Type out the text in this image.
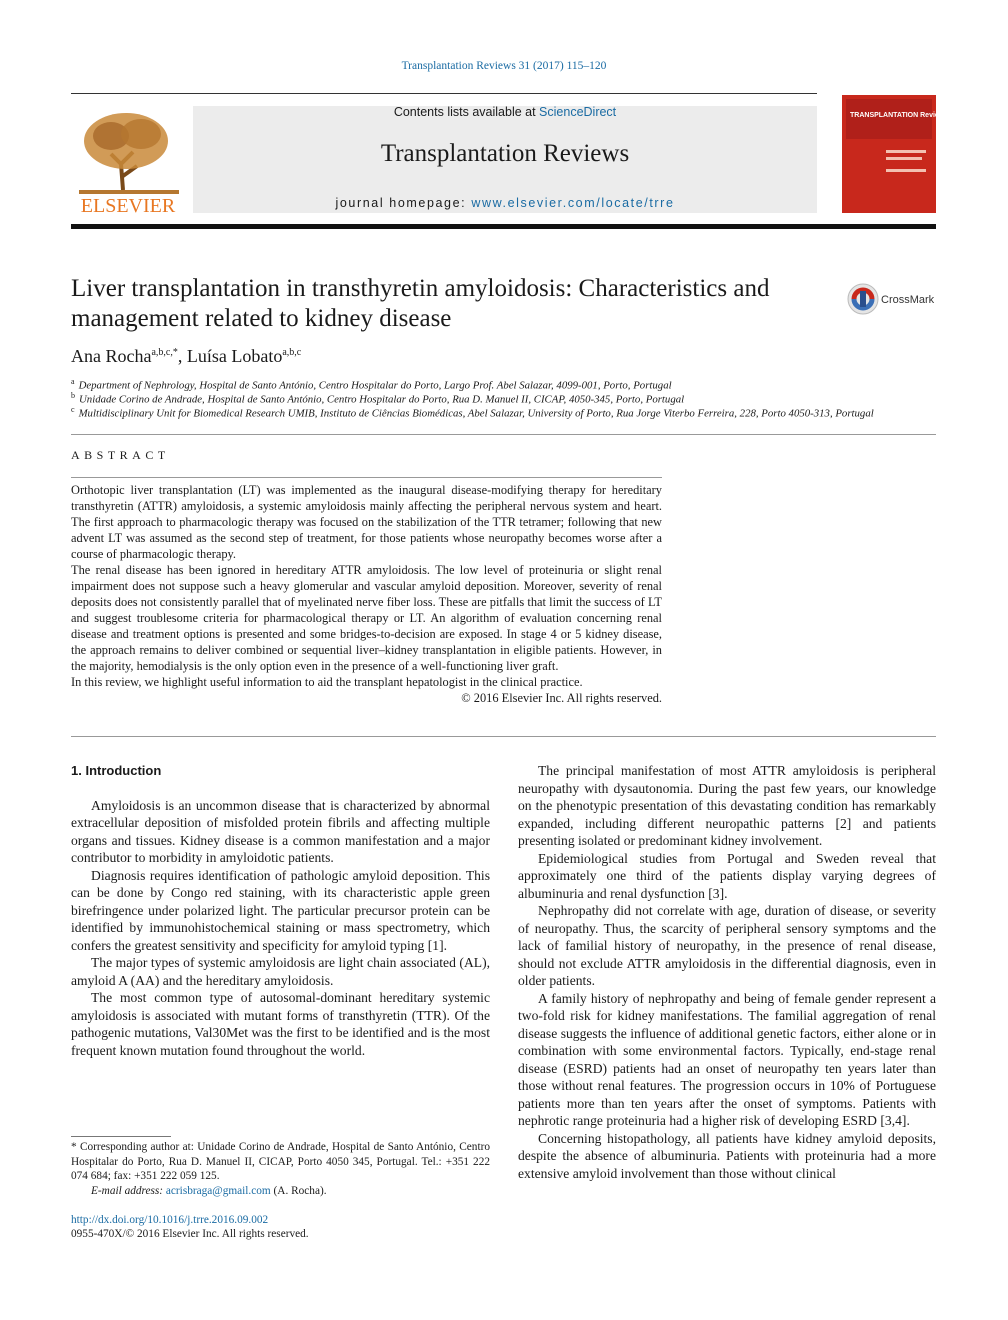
Transplantation Reviews 31 (2017) 115–120
ELSEVIER
Contents lists available at ScienceDirect
Transplantation Reviews
journal homepage: www.elsevier.com/locate/trre
TRANSPLANTATION Reviews
Liver transplantation in transthyretin amyloidosis: Characteristics and management related to kidney disease
CrossMark
Ana Rocha$^{a,b,c,*}$, Luísa Lobato$^{a,b,c}$
$^a$ Department of Nephrology, Hospital de Santo António, Centro Hospitalar do Porto, Largo Prof. Abel Salazar, 4099-001, Porto, Portugal
$^b$ Unidade Corino de Andrade, Hospital de Santo António, Centro Hospitalar do Porto, Rua D. Manuel II, CICAP, 4050-345, Porto, Portugal
$^c$ Multidisciplinary Unit for Biomedical Research UMIB, Instituto de Ciências Biomédicas, Abel Salazar, University of Porto, Rua Jorge Viterbo Ferreira, 228, Porto 4050-313, Portugal
ABSTRACT

Orthotopic liver transplantation (LT) was implemented as the inaugural disease-modifying therapy for hereditary transthyretin (ATTR) amyloidosis, a systemic amyloidosis mainly affecting the peripheral nervous system and heart. The first approach to pharmacologic therapy was focused on the stabilization of the TTR tetramer; following that new advent LT was assumed as the second step of treatment, for those patients whose neuropathy becomes worse after a course of pharmacologic therapy.

The renal disease has been ignored in hereditary ATTR amyloidosis. The low level of proteinuria or slight renal impairment does not suppose such a heavy glomerular and vascular amyloid deposition. Moreover, severity of renal deposits does not consistently parallel that of myelinated nerve fiber loss. These are pitfalls that limit the success of LT and suggest troublesome criteria for pharmacological therapy or LT. An algorithm of evaluation concerning renal disease and treatment options is presented and some bridges-to-decision are exposed. In stage 4 or 5 kidney disease, the approach remains to deliver combined or sequential liver–kidney transplantation in eligible patients. However, in the majority, hemodialysis is the only option even in the presence of a well-functioning liver graft.

In this review, we highlight useful information to aid the transplant hepatologist in the clinical practice.

© 2016 Elsevier Inc. All rights reserved.

1. Introduction

Amyloidosis is an uncommon disease that is characterized by abnormal extracellular deposition of misfolded protein fibrils and affecting multiple organs and tissues. Kidney disease is a common manifestation and a major contributor to morbidity in amyloidotic patients.

Diagnosis requires identification of pathologic amyloid deposition. This can be done by Congo red staining, with its characteristic apple green birefringence under polarized light. The particular precursor protein can be identified by immunohistochemical staining or mass spectrometry, which confers the greatest sensitivity and specificity for amyloid typing [1].

The major types of systemic amyloidosis are light chain associated (AL), amyloid A (AA) and the hereditary amyloidosis.

The most common type of autosomal-dominant hereditary systemic amyloidosis is associated with mutant forms of transthyretin (TTR). Of the pathogenic mutations, Val30Met was the first to be identified and is the most frequent known mutation found throughout the world.

The principal manifestation of most ATTR amyloidosis is peripheral neuropathy with dysautonomia. During the past few years, our knowledge on the phenotypic presentation of this devastating condition has remarkably expanded, including different neuropathic patterns [2] and patients presenting isolated or predominant kidney involvement.

Epidemiological studies from Portugal and Sweden reveal that approximately one third of the patients display varying degrees of albuminuria and renal dysfunction [3].

Nephropathy did not correlate with age, duration of disease, or severity of neuropathy. Thus, the scarcity of peripheral sensory symptoms and the lack of familial history of neuropathy, in the presence of renal disease, should not exclude ATTR amyloidosis in the differential diagnosis, even in older patients.

A family history of nephropathy and being of female gender represent a two-fold risk for kidney manifestations. The familial aggregation of renal disease suggests the influence of additional genetic factors, either alone or in combination with some environmental factors. Typically, end-stage renal disease (ESRD) patients had an onset of neuropathy ten years later than those without renal features. The progression occurs in 10% of Portuguese patients more than ten years after the onset of symptoms. Patients with nephrotic range proteinuria had a higher risk of developing ESRD [3,4].

Concerning histopathology, all patients have kidney amyloid deposits, despite the absence of albuminuria. Patients with proteinuria had a more extensive amyloid involvement than those without clinical

* Corresponding author at: Unidade Corino de Andrade, Hospital de Santo António, Centro Hospitalar do Porto, Rua D. Manuel II, CICAP, Porto 4050 345, Portugal. Tel.: +351 222 074 684; fax: +351 222 059 125.

E-mail address: acrisbraga@gmail.com (A. Rocha).

http://dx.doi.org/10.1016/j.trre.2016.09.002
0955-470X/© 2016 Elsevier Inc. All rights reserved.
